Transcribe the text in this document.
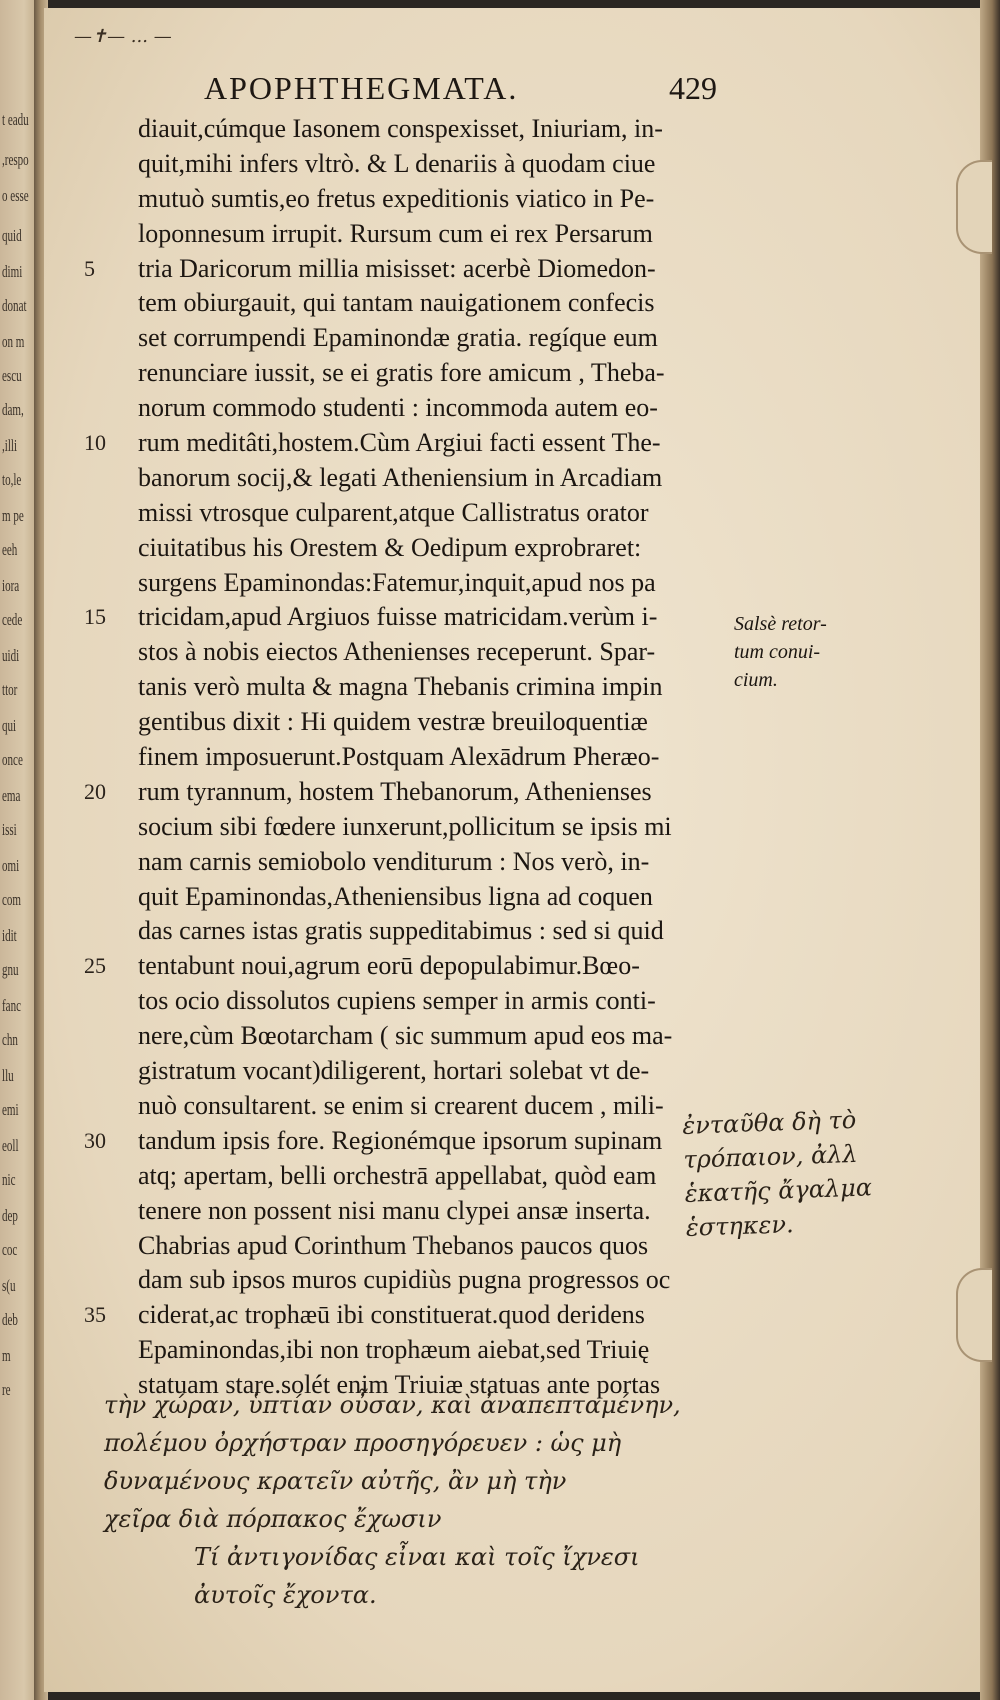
t eadu
,respo
o esse
quid
dimi
donat
on m
escu
dam,
,illi
to,le
m pe
eeh
iora
cede
uidi
ttor
qui
once
ema
issi
omi
com
idit
gnu
fanc
chn
llu
emi
eoll
nic
dep
coc
s(u
deb
m
re
—✝— ... —
APOPHTHEGMATA.	429
diauit,cúmque Iasonem conspexisset, Iniuriam, in-
quit,mihi infers vltrò. & L denariis à quodam ciue
mutuò sumtis,eo fretus expeditionis viatico in Pe-
loponnesum irrupit. Rursum cum ei rex Persarum
5	tria Daricorum millia misisset: acerbè Diomedon-
tem obiurgauit, qui tantam nauigationem confecis
set corrumpendi Epaminondæ gratia. regíque eum
renunciare iussit, se ei gratis fore amicum , Theba-
norum commodo studenti : incommoda autem eo-
10	rum meditâti,hostem.Cùm Argiui facti essent The-
banorum socij,& legati Atheniensium in Arcadiam
missi vtrosque culparent,atque Callistratus orator
ciuitatibus his Orestem & Oedipum exprobraret:
surgens Epaminondas:Fatemur,inquit,apud nos pa
15	tricidam,apud Argiuos fuisse matricidam.verùm i-
stos à nobis eiectos Athenienses receperunt. Spar-
tanis verò multa & magna Thebanis crimina impin
gentibus dixit : Hi quidem vestræ breuiloquentiæ
finem imposuerunt.Postquam Alexādrum Pheræo-
20	rum tyrannum, hostem Thebanorum, Athenienses
socium sibi fœdere iunxerunt,pollicitum se ipsis mi
nam carnis semiobolo venditurum : Nos verò, in-
quit Epaminondas,Atheniensibus ligna ad coquen
das carnes istas gratis suppeditabimus : sed si quid
25	tentabunt noui,agrum eorū depopulabimur.Bœo-
tos ocio dissolutos cupiens semper in armis conti-
nere,cùm Bœotarcham ( sic summum apud eos ma-
gistratum vocant)diligerent, hortari solebat vt de-
nuò consultarent. se enim si crearent ducem , mili-
30	tandum ipsis fore. Regionémque ipsorum supinam
atq; apertam, belli orchestrā appellabat, quòd eam
tenere non possent nisi manu clypei ansæ inserta.
Chabrias apud Corinthum Thebanos paucos quos
dam sub ipsos muros cupidiùs pugna progressos oc
35	ciderat,ac trophæū ibi constituerat.quod deridens
Epaminondas,ibi non trophæum aiebat,sed Triuię
statuam stare.solét enim Triuiæ statuas ante portas
Salsè retor-
tum conui-
cium.
ἐνταῦθα δὴ τὸ
τρόπαιον, ἀλλ
ἑκατῆς ἄγαλμα
ἑστηκεν.
τὴν χώραν, ὑπτίαν οὖσαν, καὶ ἀναπεπταμένην,
πολέμου ὀρχήστραν προσηγόρευεν : ὡς μὴ
δυναμένους κρατεῖν αὐτῆς, ἂν μὴ τὴν
χεῖρα διὰ πόρπακος ἔχωσιν
Τί ἀντιγονίδας εἶναι καὶ τοῖς ἴχνεσι
ἀυτοῖς ἔχοντα.
